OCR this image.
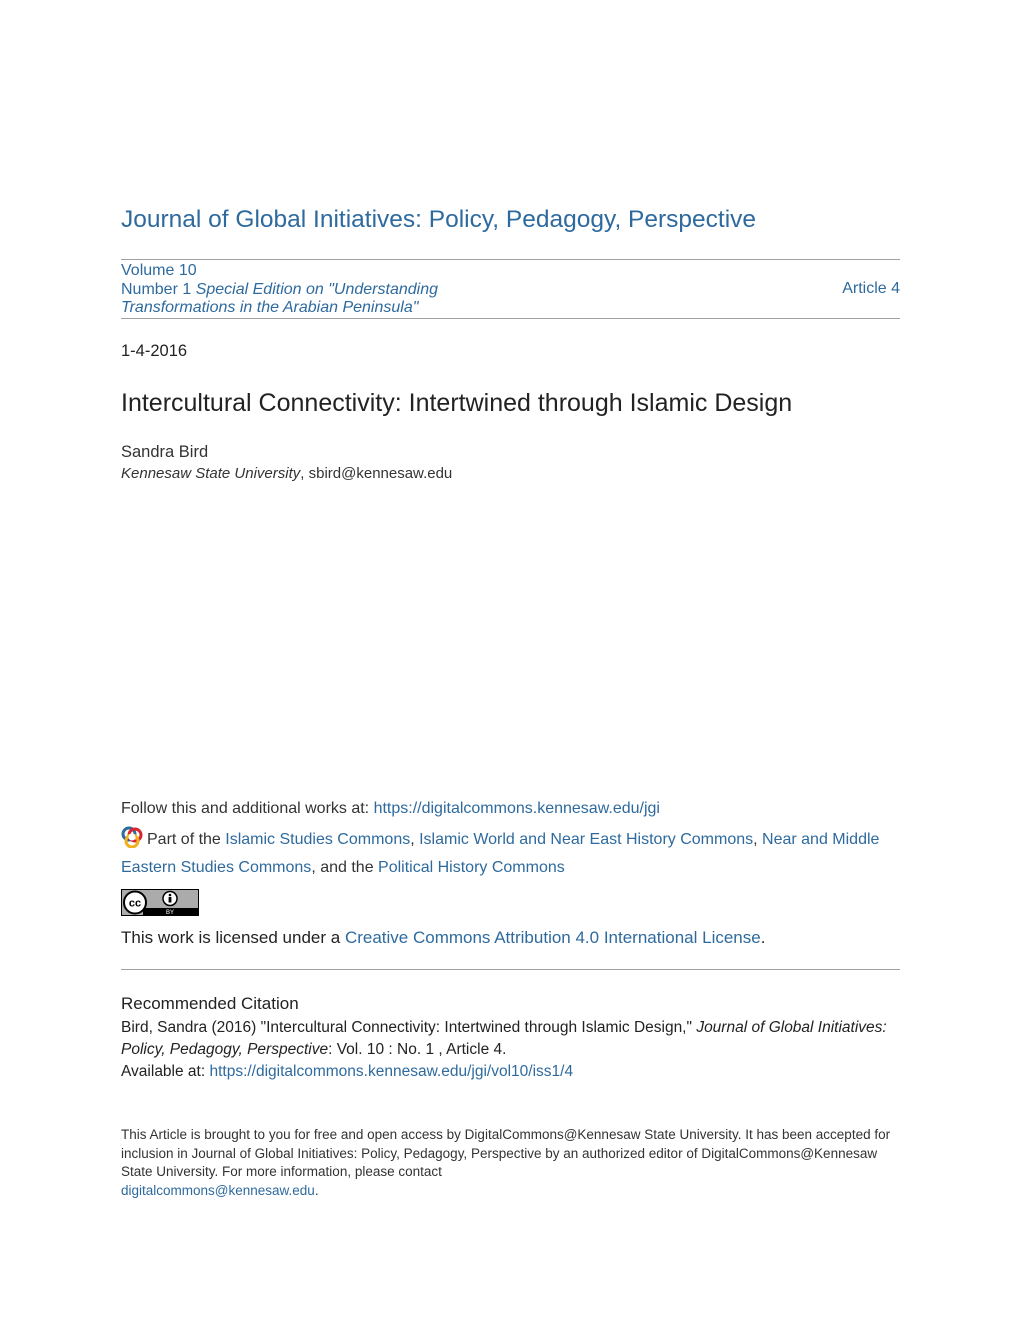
Journal of Global Initiatives: Policy, Pedagogy, Perspective
Volume 10
Number 1 Special Edition on "Understanding
Transformations in the Arabian Peninsula"
Article 4
1-4-2016
Intercultural Connectivity: Intertwined through Islamic Design
Sandra Bird
Kennesaw State University, sbird@kennesaw.edu
Follow this and additional works at: https://digitalcommons.kennesaw.edu/jgi
Part of the Islamic Studies Commons, Islamic World and Near East History Commons, Near and Middle Eastern Studies Commons, and the Political History Commons
cc
BY
This work is licensed under a Creative Commons Attribution 4.0 International License.
Recommended Citation
Bird, Sandra (2016) "Intercultural Connectivity: Intertwined through Islamic Design," Journal of Global Initiatives: Policy, Pedagogy, Perspective: Vol. 10 : No. 1 , Article 4.
Available at: https://digitalcommons.kennesaw.edu/jgi/vol10/iss1/4
This Article is brought to you for free and open access by DigitalCommons@Kennesaw State University. It has been accepted for inclusion in Journal of Global Initiatives: Policy, Pedagogy, Perspective by an authorized editor of DigitalCommons@Kennesaw State University. For more information, please contact
digitalcommons@kennesaw.edu.
